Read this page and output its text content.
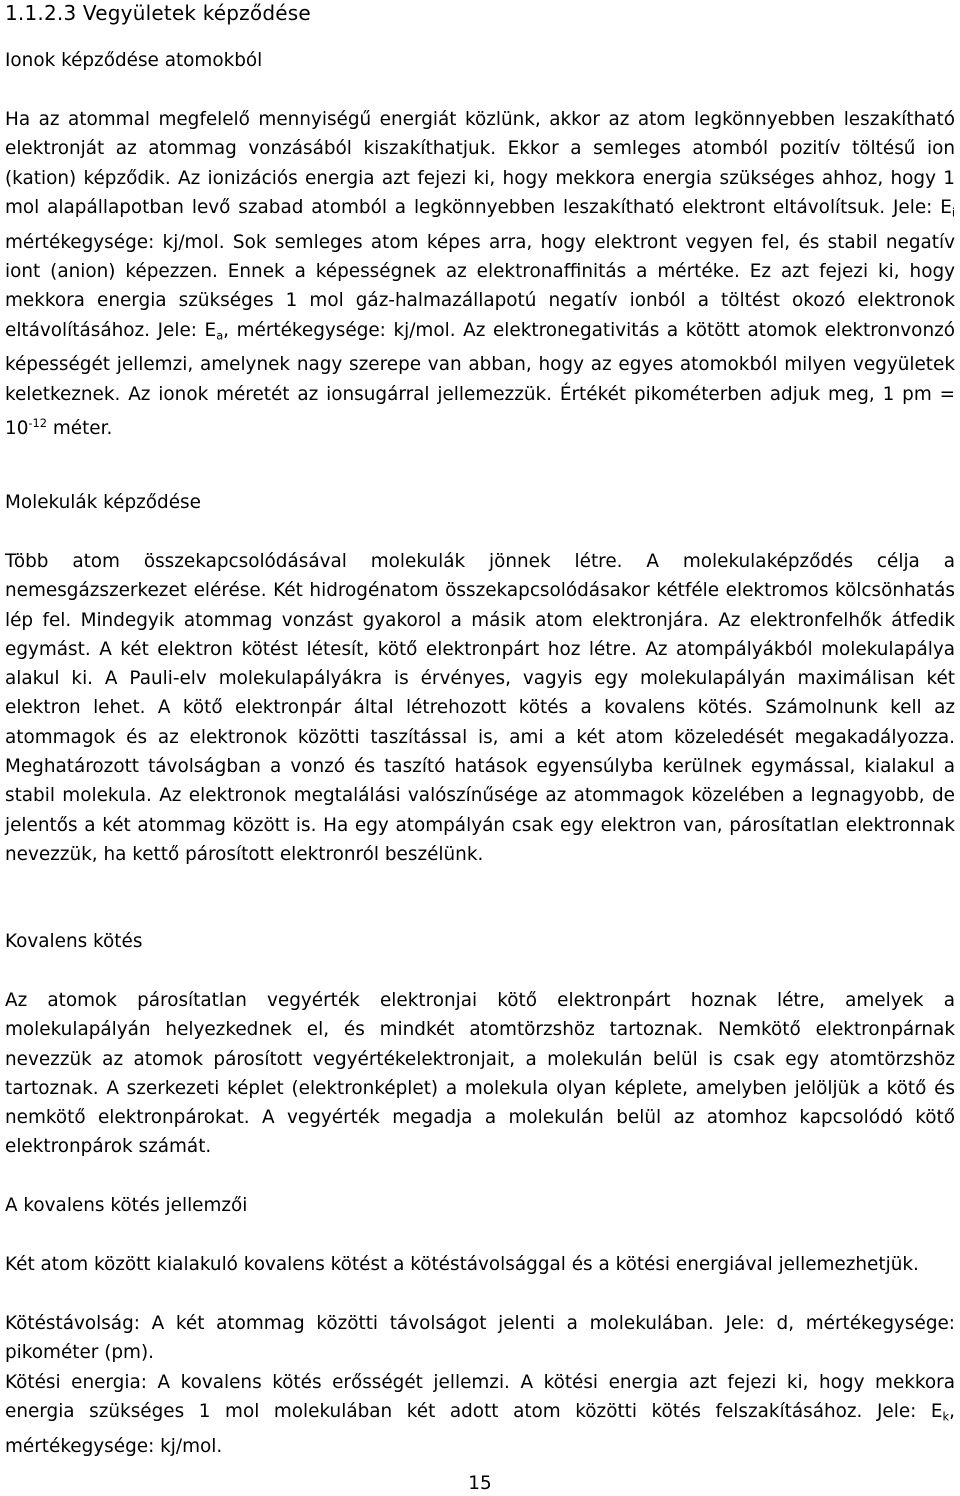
1.1.2.3 Vegyületek képződése
Ionok képződése atomokból

Ha az atommal megfelelő mennyiségű energiát közlünk, akkor az atom legkönnyebben leszakítható elektronját az atommag vonzásából kiszakíthatjuk. Ekkor a semleges atomból pozitív töltésű ion (kation) képződik. Az ionizációs energia azt fejezi ki, hogy mekkora energia szükséges ahhoz, hogy 1 mol alapállapotban levő szabad atomból a legkönnyebben leszakítható elektront eltávolítsuk. Jele: $E_i$ mértékegysége: kj/mol. Sok semleges atom képes arra, hogy elektront vegyen fel, és stabil negatív iont (anion) képezzen. Ennek a képességnek az elektronaffinitás a mértéke. Ez azt fejezi ki, hogy mekkora energia szükséges 1 mol gáz-halmazállapotú negatív ionból a töltést okozó elektronok eltávolításához. Jele: $E_a$, mértékegysége: kj/mol. Az elektronegativitás a kötött atomok elektronvonzó képességét jellemzi, amelynek nagy szerepe van abban, hogy az egyes atomokból milyen vegyületek keletkeznek. Az ionok méretét az ionsugárral jellemezzük. Értékét pikométerben adjuk meg, 1 pm = $10^{-12}$ méter.

Molekulák képződése

Több atom összekapcsolódásával molekulák jönnek létre. A molekulaképződés célja a nemesgázszerkezet elérése. Két hidrogénatom összekapcsolódásakor kétféle elektromos kölcsönhatás lép fel. Mindegyik atommag vonzást gyakorol a másik atom elektronjára. Az elektronfelhők átfedik egymást. A két elektron kötést létesít, kötő elektronpárt hoz létre. Az atompályákból molekulapálya alakul ki. A Pauli-elv molekulapályákra is érvényes, vagyis egy molekulapályán maximálisan két elektron lehet. A kötő elektronpár által létrehozott kötés a kovalens kötés. Számolnunk kell az atommagok és az elektronok közötti taszítással is, ami a két atom közeledését megakadályozza. Meghatározott távolságban a vonzó és taszító hatások egyensúlyba kerülnek egymással, kialakul a stabil molekula. Az elektronok megtalálási valószínűsége az atommagok közelében a legnagyobb, de jelentős a két atommag között is. Ha egy atompályán csak egy elektron van, párosítatlan elektronnak nevezzük, ha kettő párosított elektronról beszélünk.

Kovalens kötés

Az atomok párosítatlan vegyérték elektronjai kötő elektronpárt hoznak létre, amelyek a molekulapályán helyezkednek el, és mindkét atomtörzshöz tartoznak. Nemkötő elektronpárnak nevezzük az atomok párosított vegyértékelektronjait, a molekulán belül is csak egy atomtörzshöz tartoznak. A szerkezeti képlet (elektronképlet) a molekula olyan képlete, amelyben jelöljük a kötő és nemkötő elektronpárokat. A vegyérték megadja a molekulán belül az atomhoz kapcsolódó kötő elektronpárok számát.

A kovalens kötés jellemzői

Két atom között kialakuló kovalens kötést a kötéstávolsággal és a kötési energiával jellemezhetjük.

Kötéstávolság: A két atommag közötti távolságot jelenti a molekulában. Jele: d, mértékegysége: pikométer (pm).

Kötési energia: A kovalens kötés erősségét jellemzi. A kötési energia azt fejezi ki, hogy mekkora energia szükséges 1 mol molekulában két adott atom közötti kötés felszakításához. Jele: $E_k$, mértékegysége: kj/mol.

15
